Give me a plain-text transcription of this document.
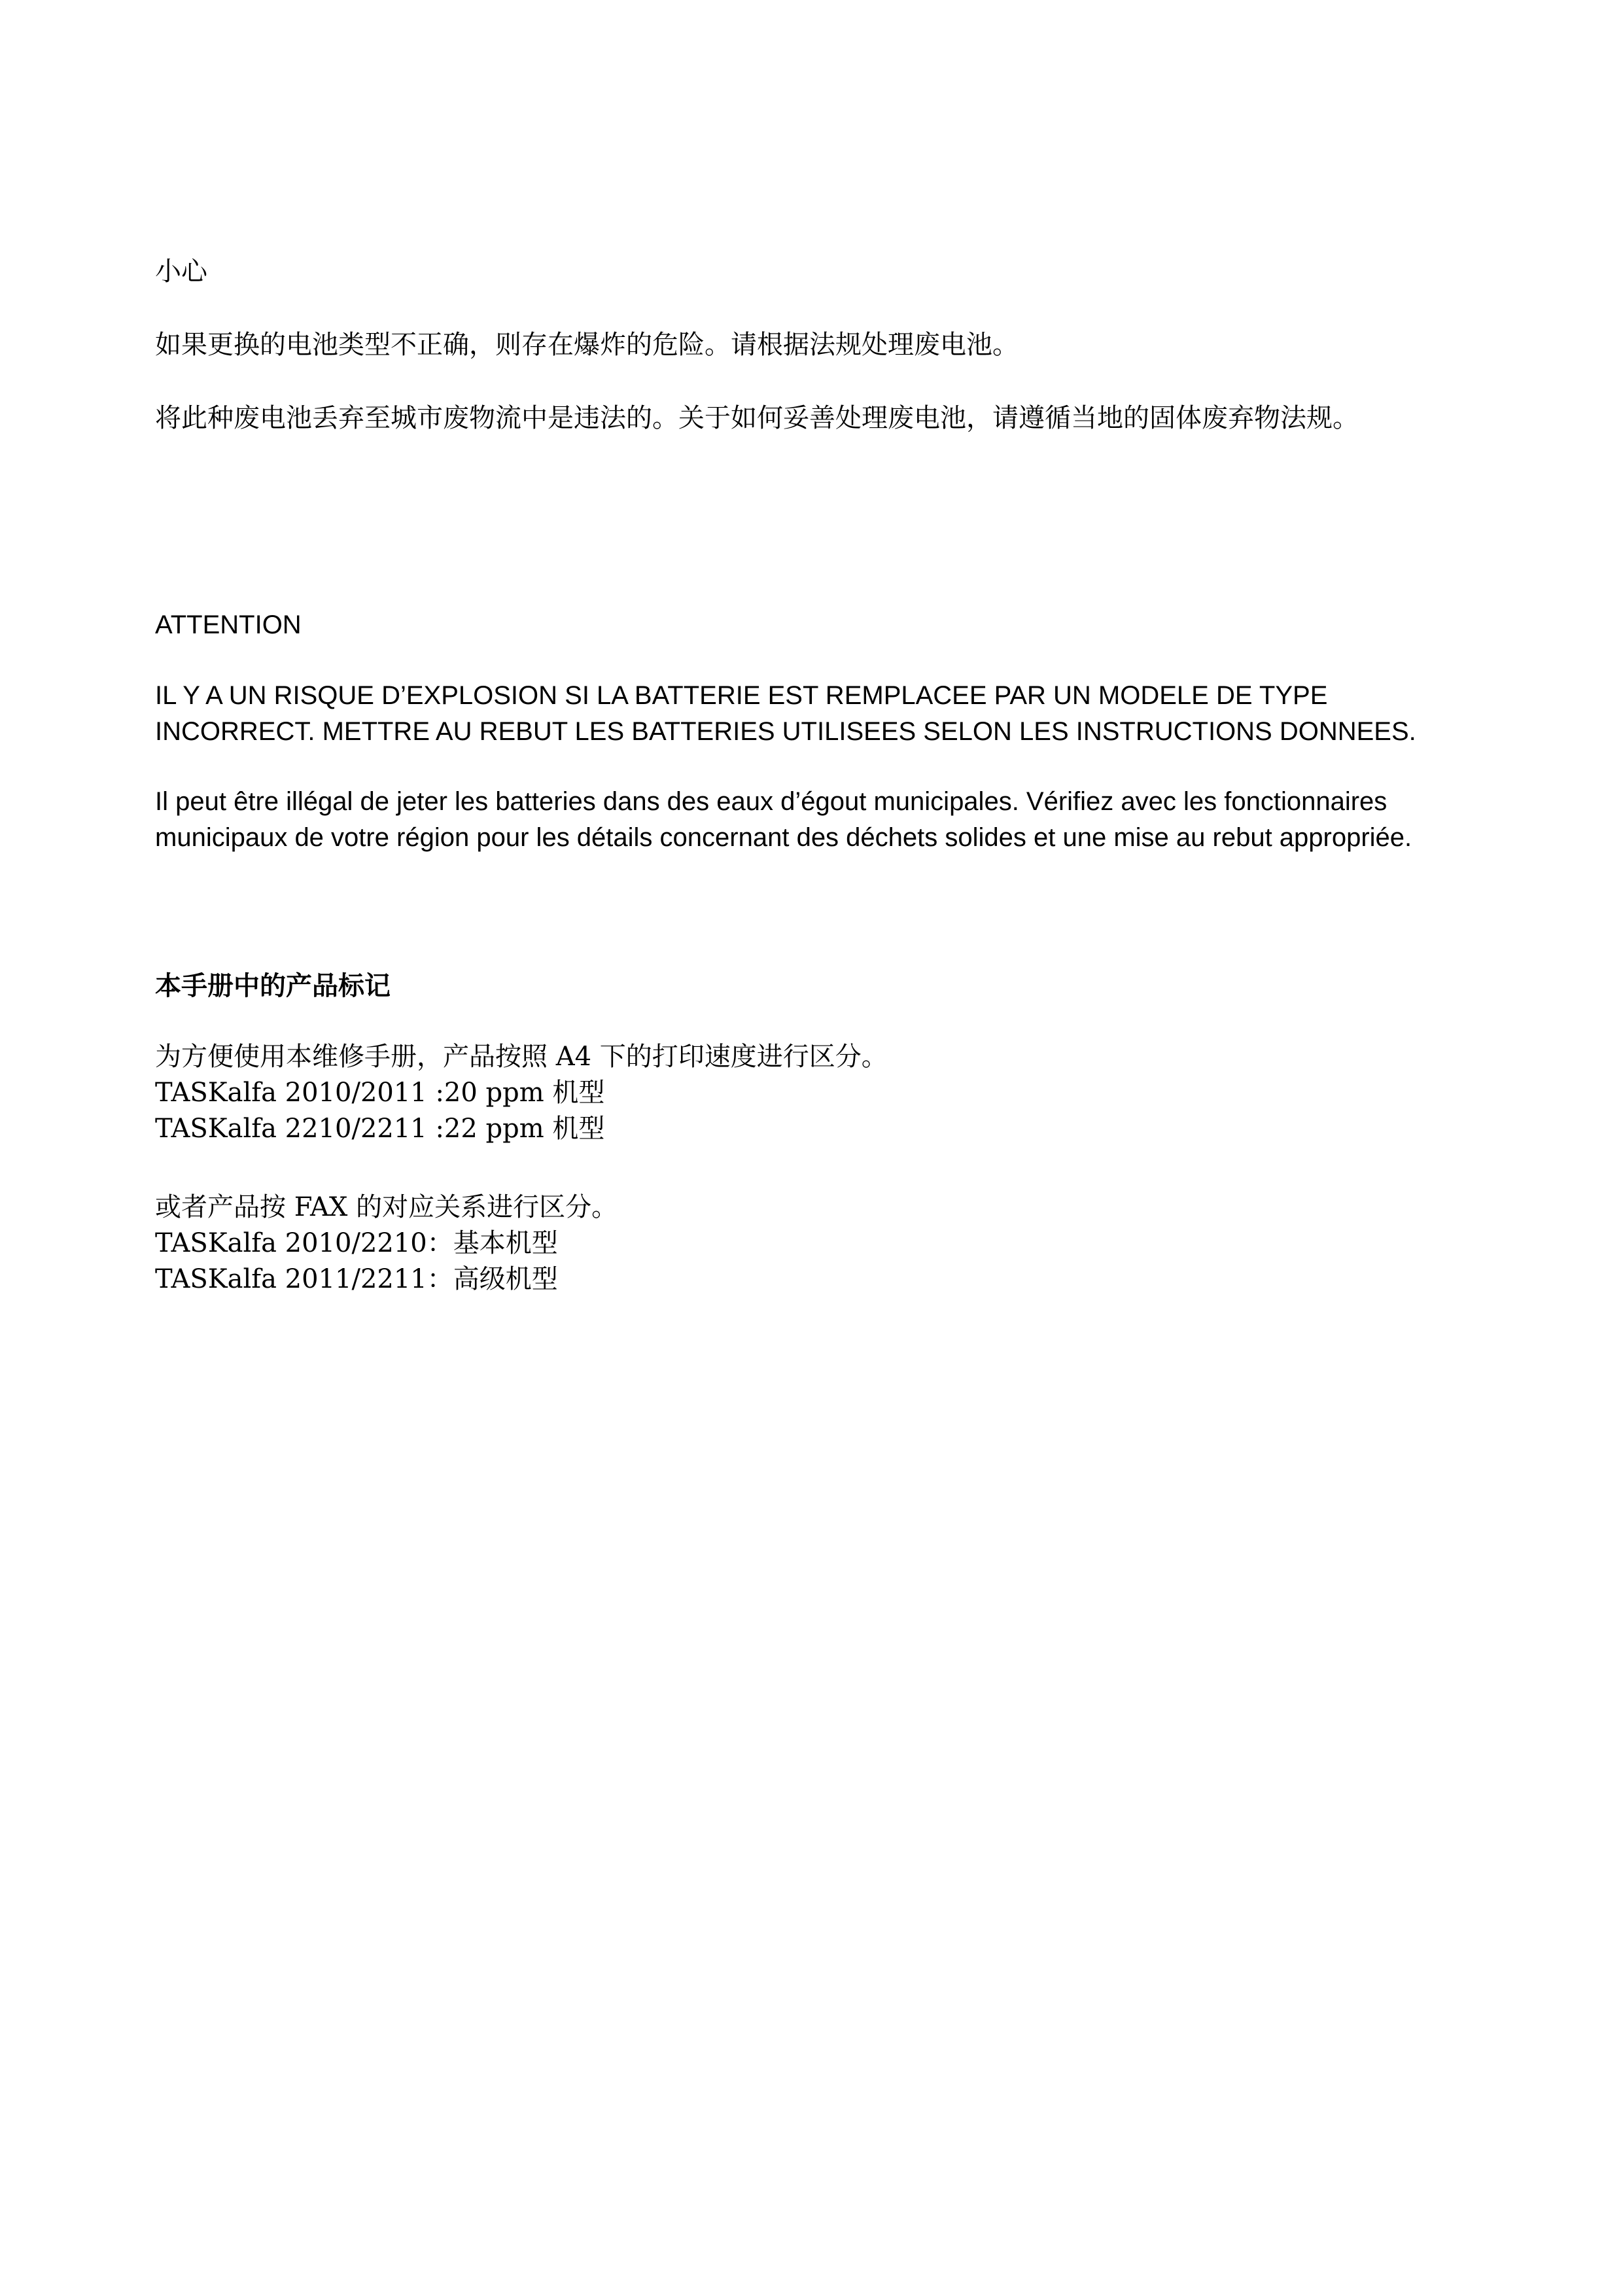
小心

如果更换的电池类型不正确，则存在爆炸的危险。请根据法规处理废电池。

将此种废电池丢弃至城市废物流中是违法的。关于如何妥善处理废电池，请遵循当地的固体废弃物法规。

ATTENTION

IL Y A UN RISQUE D’EXPLOSION SI LA BATTERIE EST REMPLACEE PAR UN MODELE DE TYPE
INCORRECT. METTRE AU REBUT LES BATTERIES UTILISEES SELON LES INSTRUCTIONS DONNEES.

Il peut être illégal de jeter les batteries dans des eaux d’égout municipales. Vérifiez avec les fonctionnaires
municipaux de votre région pour les détails concernant des déchets solides et une mise au rebut appropriée.

本手册中的产品标记

为方便使用本维修手册，产品按照 A4 下的打印速度进行区分。
TASKalfa 2010/2011 :20 ppm 机型
TASKalfa 2210/2211 :22 ppm 机型

或者产品按 FAX 的对应关系进行区分。
TASKalfa 2010/2210：基本机型
TASKalfa 2011/2211：高级机型
